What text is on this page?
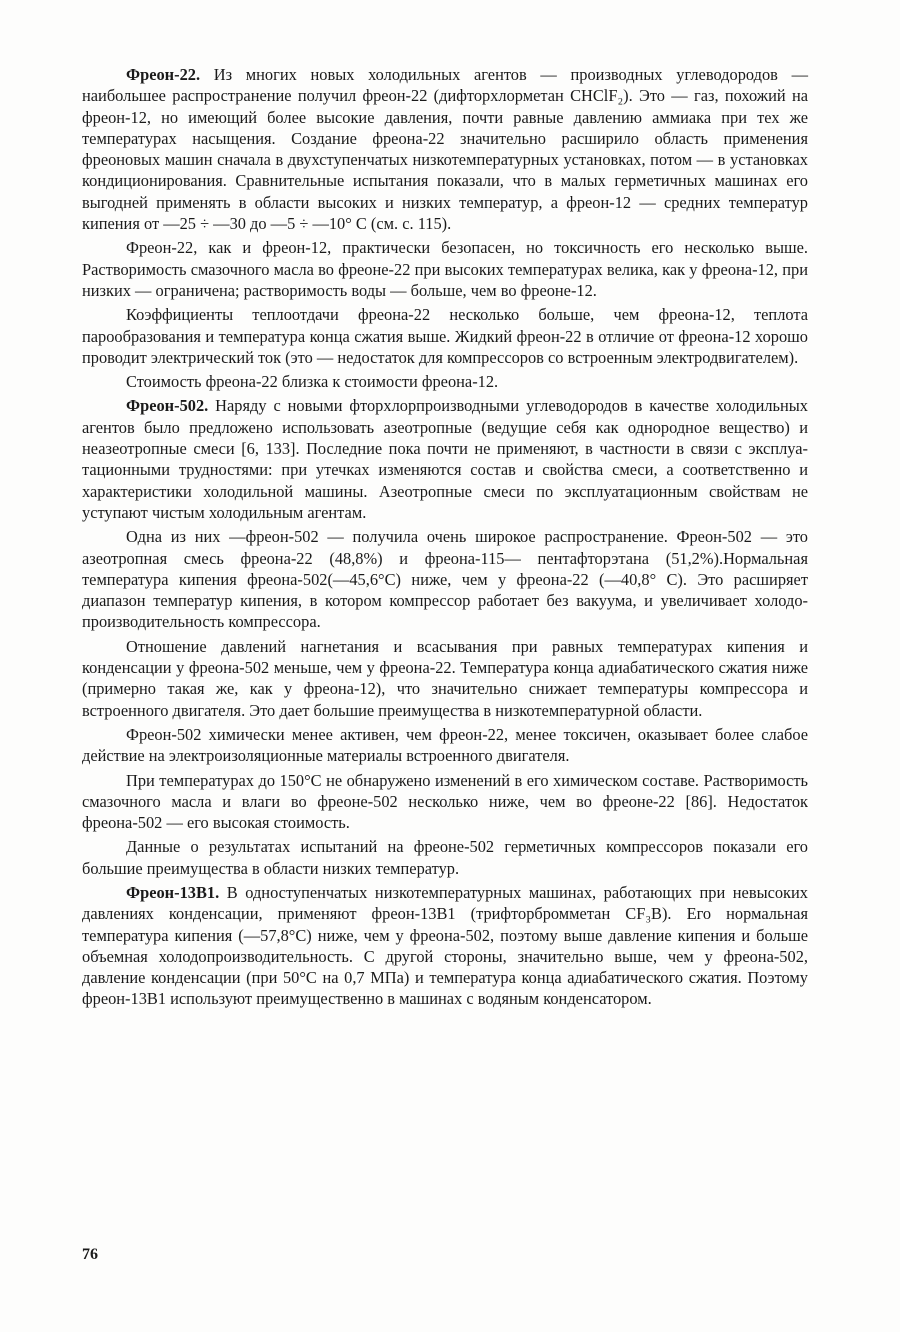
Фреон-22. Из многих новых холодильных агентов — производных углеводородов — наибольшее распространение получил фреон-22 (дифторхлорметан CHClF₂). Это — газ, похожий на фреон-12, но имеющий более высокие давления, почти равные давлению аммиака при тех же температурах насыщения. Создание фреона-22 значительно расширило область применения фреоновых машин сначала в двухступенчатых низкотемпературных установках, потом — в установках кондиционирования. Сравнительные испытания показали, что в малых герметичных машинах его выгодней применять в области высоких и низких температур, а фреон-12 — средних температур кипения от —25 ÷ —30 до —5 ÷ —10° С (см. с. 115).

Фреон-22, как и фреон-12, практически безопасен, но токсичность его несколько выше. Растворимость смазочного масла во фреоне-22 при высоких температурах велика, как у фреона-12, при низких — ограничена; растворимость воды — больше, чем во фреоне-12.

Коэффициенты теплоотдачи фреона-22 несколько больше, чем фреона-12, теплота парообразования и температура конца сжатия выше. Жидкий фреон-22 в отличие от фреона-12 хорошо проводит электрический ток (это — недостаток для компрессоров со встроенным электродвигателем).

Стоимость фреона-22 близка к стоимости фреона-12.

Фреон-502. Наряду с новыми фторхлорпроизводными углеводородов в качестве холодильных агентов было предложено использовать азеотропные (ведущие себя как однородное вещество) и неазеотропные смеси [6, 133]. Последние пока почти не применяют, в частности в связи с эксплуатационными трудностями: при утечках изменяются состав и свойства смеси, а соответственно и характеристики холодильной машины. Азеотропные смеси по эксплуатационным свойствам не уступают чистым холодильным агентам.

Одна из них —фреон-502 — получила очень широкое распространение. Фреон-502 — это азеотропная смесь фреона-22 (48,8%) и фреона-115— пентафторэтана (51,2%).Нормальная температура кипения фреона-502(—45,6°С) ниже, чем у фреона-22 (—40,8° С). Это расширяет диапазон температур кипения, в котором компрессор работает без вакуума, и увеличивает холодопроизводительность компрессора.

Отношение давлений нагнетания и всасывания при равных температурах кипения и конденсации у фреона-502 меньше, чем у фреона-22. Температура конца адиабатического сжатия ниже (примерно такая же, как у фреона-12), что значительно снижает температуры компрессора и встроенного двигателя. Это дает большие преимущества в низкотемпературной области.

Фреон-502 химически менее активен, чем фреон-22, менее токсичен, оказывает более слабое действие на электроизоляционные материалы встроенного двигателя.

При температурах до 150°С не обнаружено изменений в его химическом составе. Растворимость смазочного масла и влаги во фреоне-502 несколько ниже, чем во фреоне-22 [86]. Недостаток фреона-502 — его высокая стоимость.

Данные о результатах испытаний на фреоне-502 герметичных компрессоров показали его большие преимущества в области низких температур.

Фреон-13В1. В одноступенчатых низкотемпературных машинах, работающих при невысоких давлениях конденсации, применяют фреон-13В1 (трифторбромметан CF₃B). Его нормальная температура кипения (—57,8°С) ниже, чем у фреона-502, поэтому выше давление кипения и больше объемная холодопроизводительность. С другой стороны, значительно выше, чем у фреона-502, давление конденсации (при 50°С на 0,7 МПа) и температура конца адиабатического сжатия. Поэтому фреон-13В1 используют преимущественно в машинах с водяным конденсатором.

76
